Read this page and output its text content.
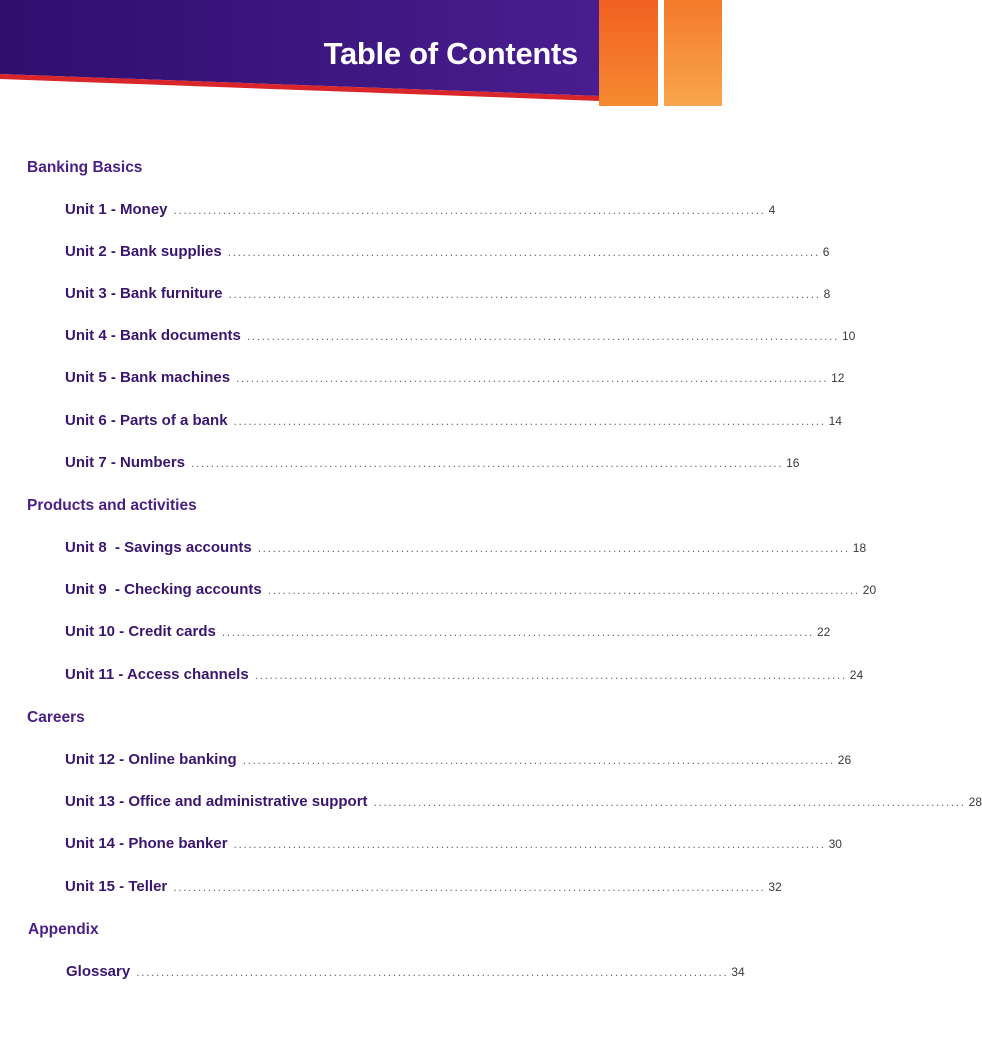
Table of Contents
Banking Basics
Unit 1 - Money ........................................................................................................................ 4
Unit 2 - Bank supplies ........................................................................................................................ 6
Unit 3 - Bank furniture ........................................................................................................................ 8
Unit 4 - Bank documents ........................................................................................................................ 10
Unit 5 - Bank machines ........................................................................................................................ 12
Unit 6 - Parts of a bank ........................................................................................................................ 14
Unit 7 - Numbers ........................................................................................................................ 16
Products and activities
Unit 8  - Savings accounts ........................................................................................................................ 18
Unit 9  - Checking accounts ........................................................................................................................ 20
Unit 10 - Credit cards ........................................................................................................................ 22
Unit 11 - Access channels ........................................................................................................................ 24
Careers
Unit 12 - Online banking ........................................................................................................................ 26
Unit 13 - Office and administrative support ........................................................................................................................ 28
Unit 14 - Phone banker ........................................................................................................................ 30
Unit 15 - Teller ........................................................................................................................ 32
Appendix
Glossary ........................................................................................................................ 34
